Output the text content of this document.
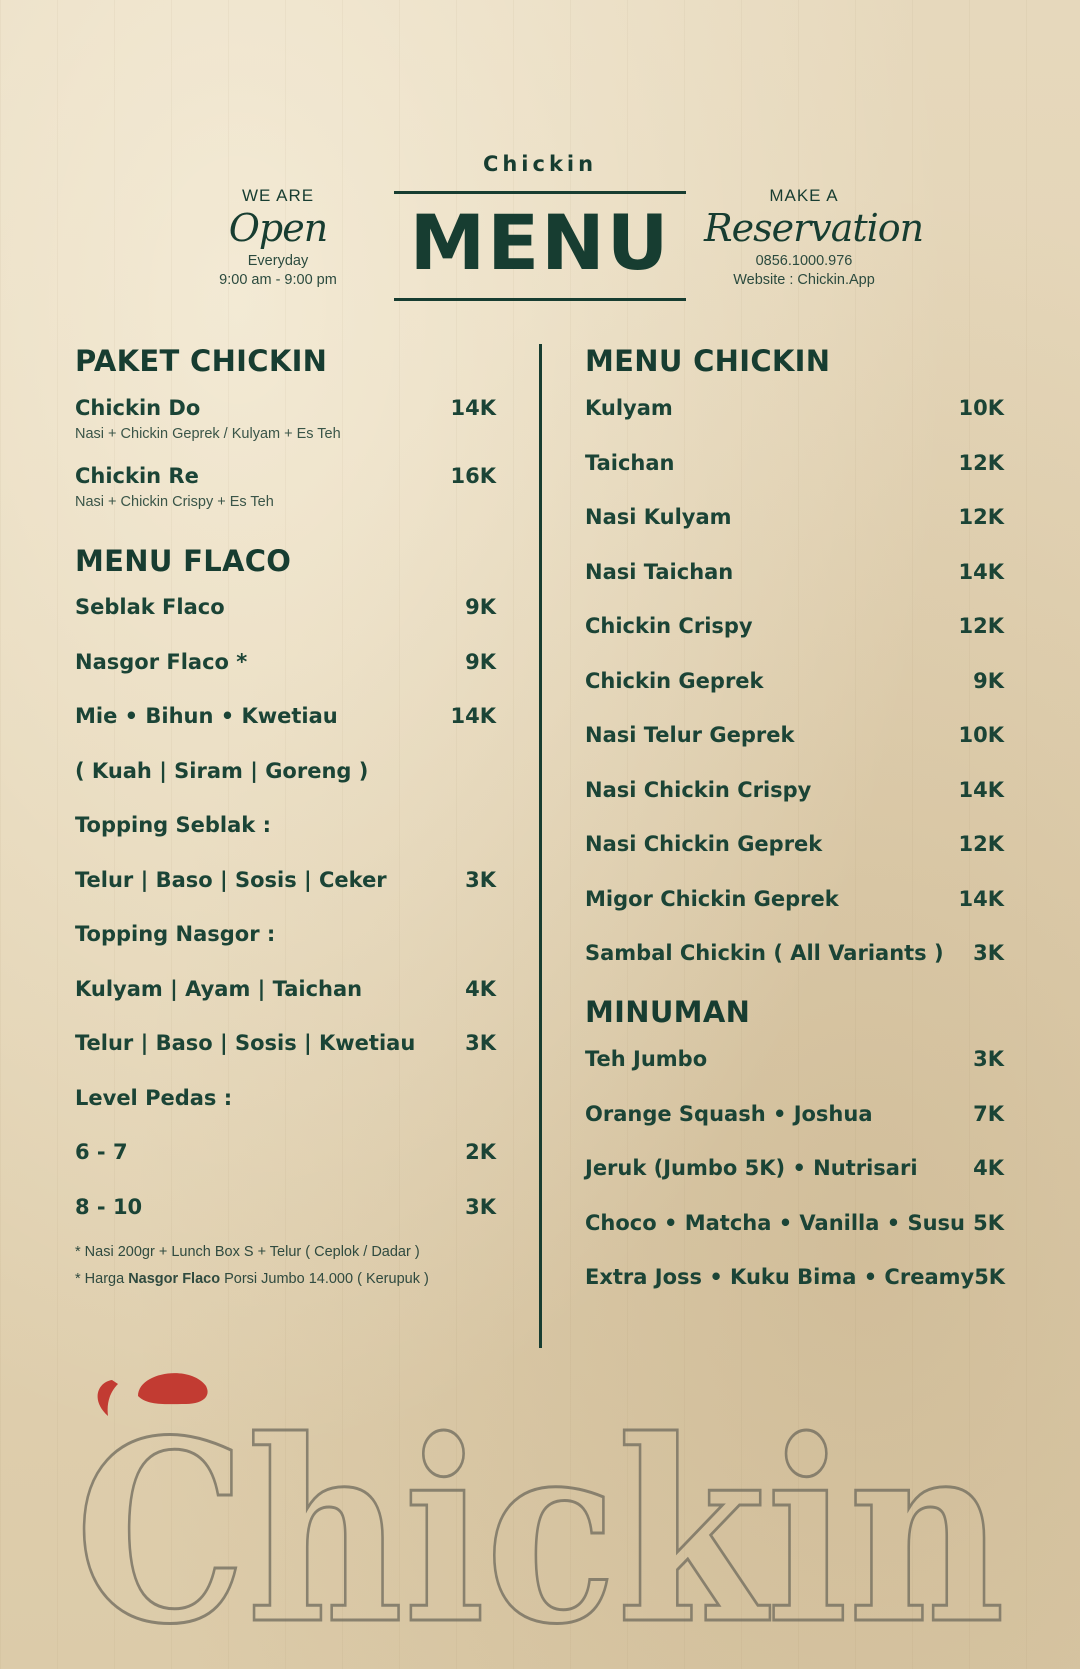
Chickin
MENU
WE ARE
Open
Everyday
9:00 am - 9:00 pm
MAKE A
Reservation
0856.1000.976
Website : Chickin.App
PAKET CHICKIN
Chickin Do	14K
Nasi + Chickin Geprek / Kulyam + Es Teh
Chickin Re	16K
Nasi + Chickin Crispy + Es Teh
MENU FLACO
Seblak Flaco	9K
Nasgor Flaco *	9K
Mie • Bihun • Kwetiau	14K
( Kuah | Siram | Goreng )
Topping Seblak :
Telur | Baso | Sosis | Ceker	3K
Topping Nasgor :
Kulyam | Ayam | Taichan	4K
Telur | Baso | Sosis | Kwetiau 3K
Level Pedas :
6 - 7	2K
8 - 10	3K
* Nasi 200gr + Lunch Box S + Telur ( Ceplok / Dadar )
* Harga Nasgor Flaco Porsi Jumbo 14.000 ( Kerupuk )
MENU CHICKIN
Kulyam	10K
Taichan	12K
Nasi Kulyam	12K
Nasi Taichan	14K
Chickin Crispy	12K
Chickin Geprek	9K
Nasi Telur Geprek	10K
Nasi Chickin Crispy	14K
Nasi Chickin Geprek	12K
Migor Chickin Geprek	14K
Sambal Chickin ( All Variants ) 3K
MINUMAN
Teh Jumbo	3K
Orange Squash • Joshua	7K
Jeruk (Jumbo 5K) • Nutrisari	4K
Choco • Matcha • Vanilla • Susu 5K
Extra Joss • Kuku Bima • Creamy 5K
Chickin
